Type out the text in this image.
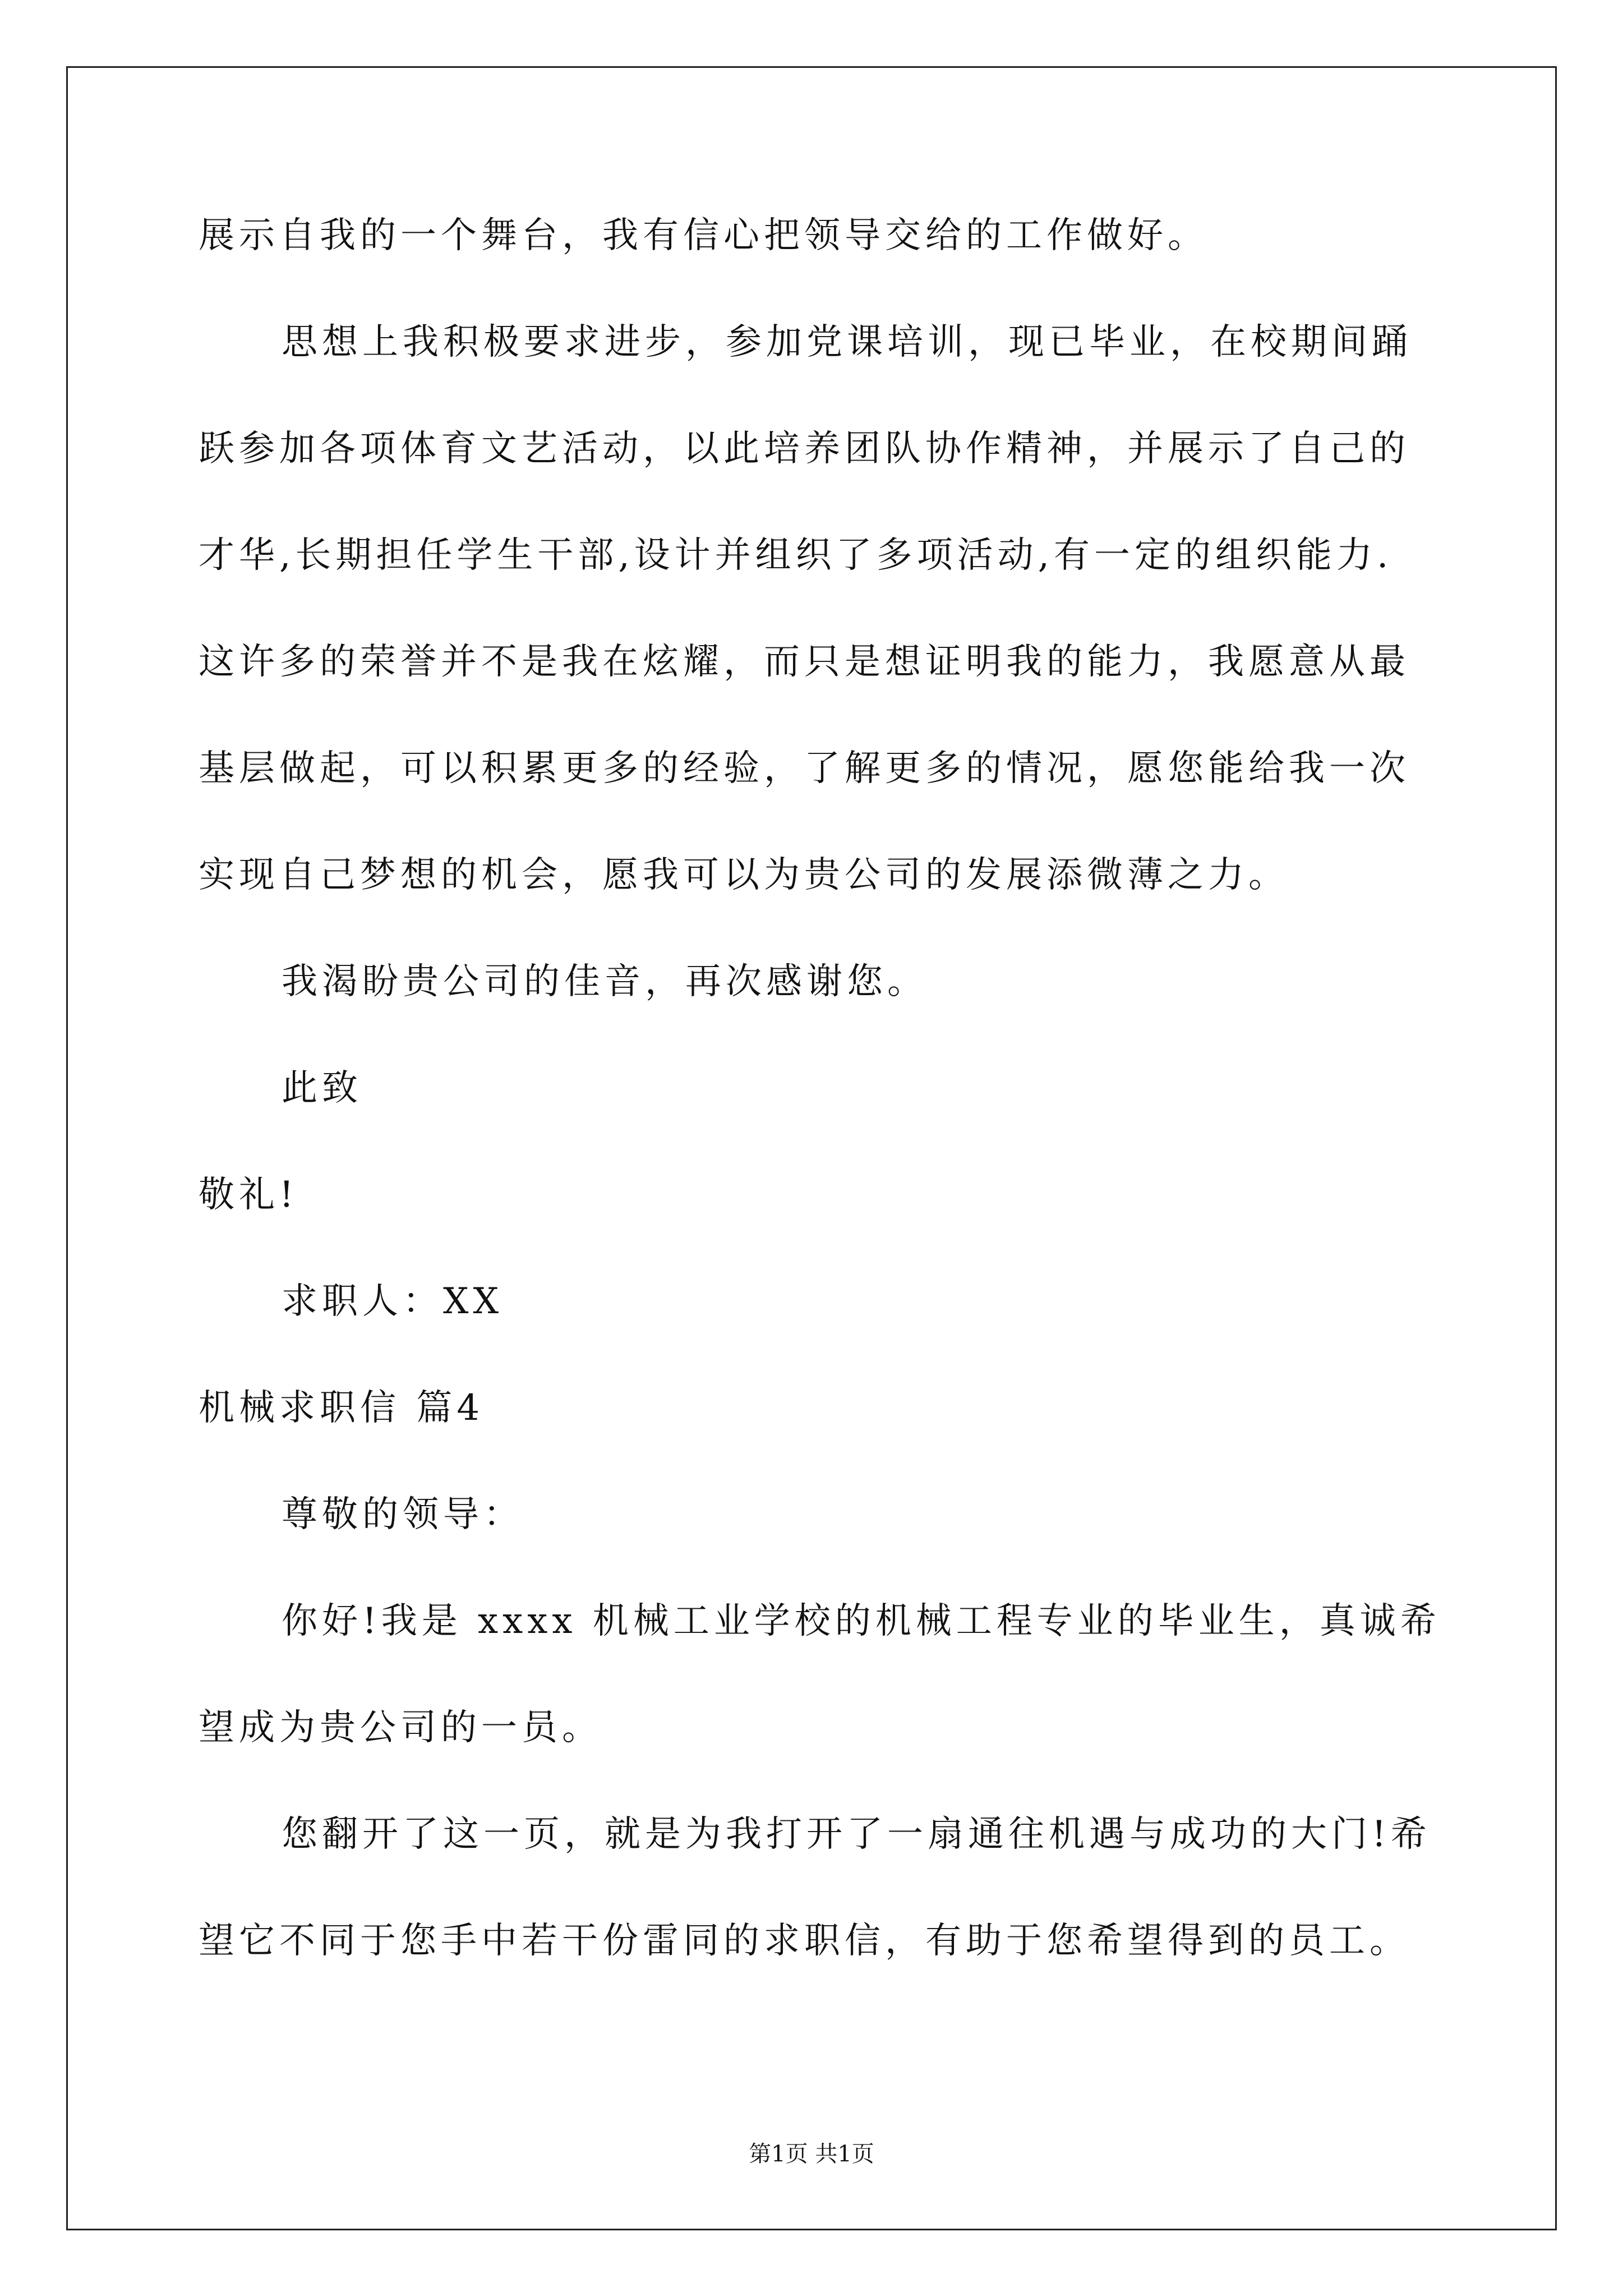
展示自我的一个舞台，我有信心把领导交给的工作做好。
思想上我积极要求进步，参加党课培训，现已毕业，在校期间踊
跃参加各项体育文艺活动，以此培养团队协作精神，并展示了自己的
才华,长期担任学生干部,设计并组织了多项活动,有一定的组织能力.
这许多的荣誉并不是我在炫耀，而只是想证明我的能力，我愿意从最
基层做起，可以积累更多的经验，了解更多的情况，愿您能给我一次
实现自己梦想的机会，愿我可以为贵公司的发展添微薄之力。
我渴盼贵公司的佳音，再次感谢您。
此致
敬礼!
求职人：XX
机械求职信 篇4
尊敬的领导：
你好!我是 xxxx 机械工业学校的机械工程专业的毕业生，真诚希
望成为贵公司的一员。
您翻开了这一页，就是为我打开了一扇通往机遇与成功的大门!希
望它不同于您手中若干份雷同的求职信，有助于您希望得到的员工。
第1页 共1页
